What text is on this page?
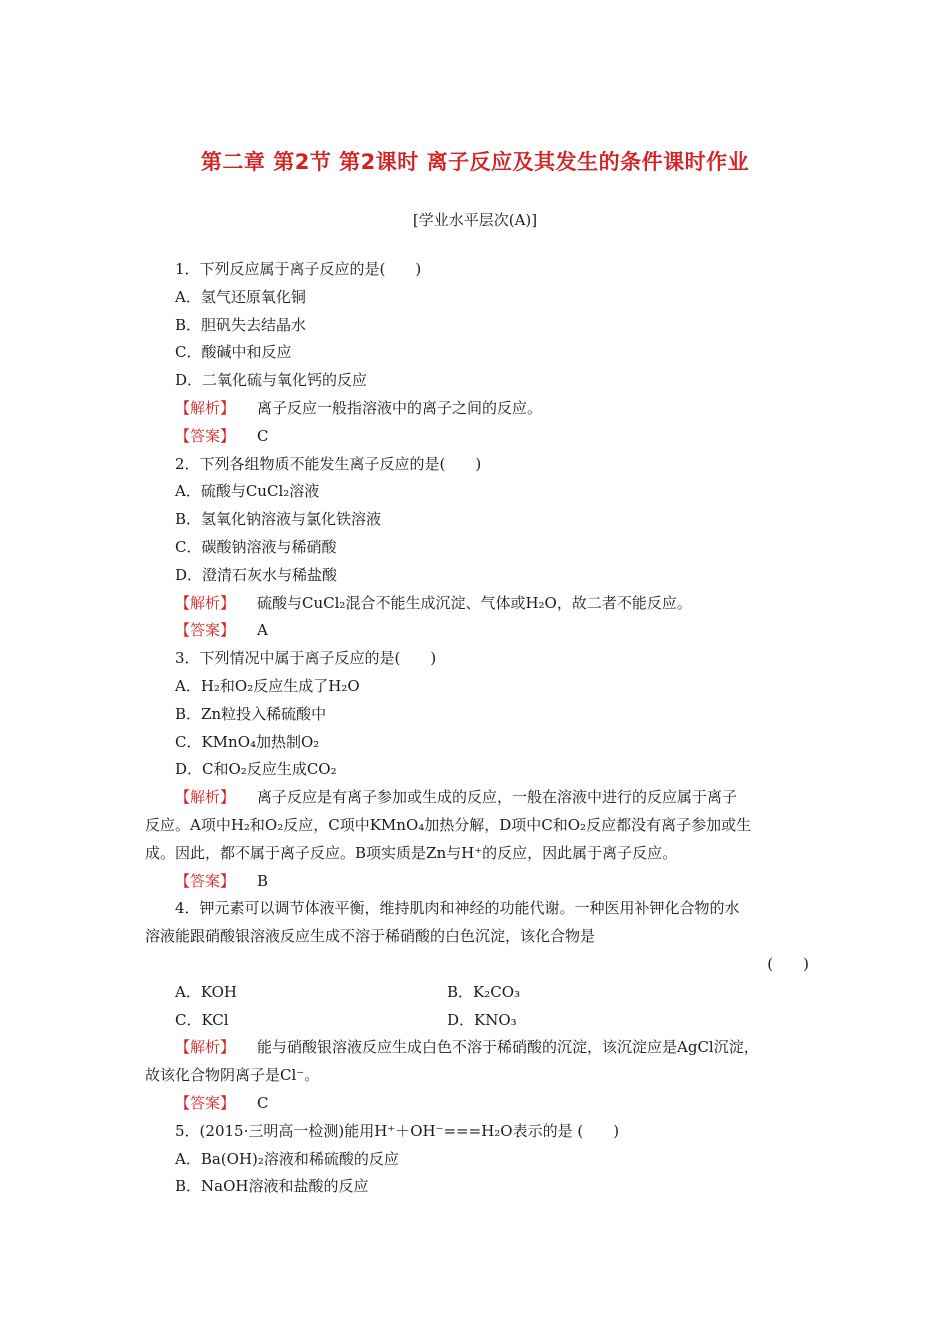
第二章 第2节 第2课时 离子反应及其发生的条件课时作业
[学业水平层次(A)]
1．下列反应属于离子反应的是(　　)
A．氢气还原氧化铜
B．胆矾失去结晶水
C．酸碱中和反应
D．二氧化硫与氧化钙的反应
【解析】 离子反应一般指溶液中的离子之间的反应。
【答案】 C
2．下列各组物质不能发生离子反应的是(　　)
A．硫酸与CuCl₂溶液
B．氢氧化钠溶液与氯化铁溶液
C．碳酸钠溶液与稀硝酸
D．澄清石灰水与稀盐酸
【解析】 硫酸与CuCl₂混合不能生成沉淀、气体或H₂O，故二者不能反应。
【答案】 A
3．下列情况中属于离子反应的是(　　)
A．H₂和O₂反应生成了H₂O
B．Zn粒投入稀硫酸中
C．KMnO₄加热制O₂
D．C和O₂反应生成CO₂
【解析】 离子反应是有离子参加或生成的反应，一般在溶液中进行的反应属于离子
反应。A项中H₂和O₂反应，C项中KMnO₄加热分解，D项中C和O₂反应都没有离子参加或生
成。因此，都不属于离子反应。B项实质是Zn与H⁺的反应，因此属于离子反应。
【答案】 B
4．钾元素可以调节体液平衡，维持肌肉和神经的功能代谢。一种医用补钾化合物的水
溶液能跟硝酸银溶液反应生成不溶于稀硝酸的白色沉淀，该化合物是
(　　)
A．KOH	B．K₂CO₃
C．KCl	D．KNO₃
【解析】 能与硝酸银溶液反应生成白色不溶于稀硝酸的沉淀，该沉淀应是AgCl沉淀，
故该化合物阴离子是Cl⁻。
【答案】 C
5．(2015·三明高一检测)能用H⁺＋OH⁻===H₂O表示的是 (　　)
A．Ba(OH)₂溶液和稀硫酸的反应
B．NaOH溶液和盐酸的反应
